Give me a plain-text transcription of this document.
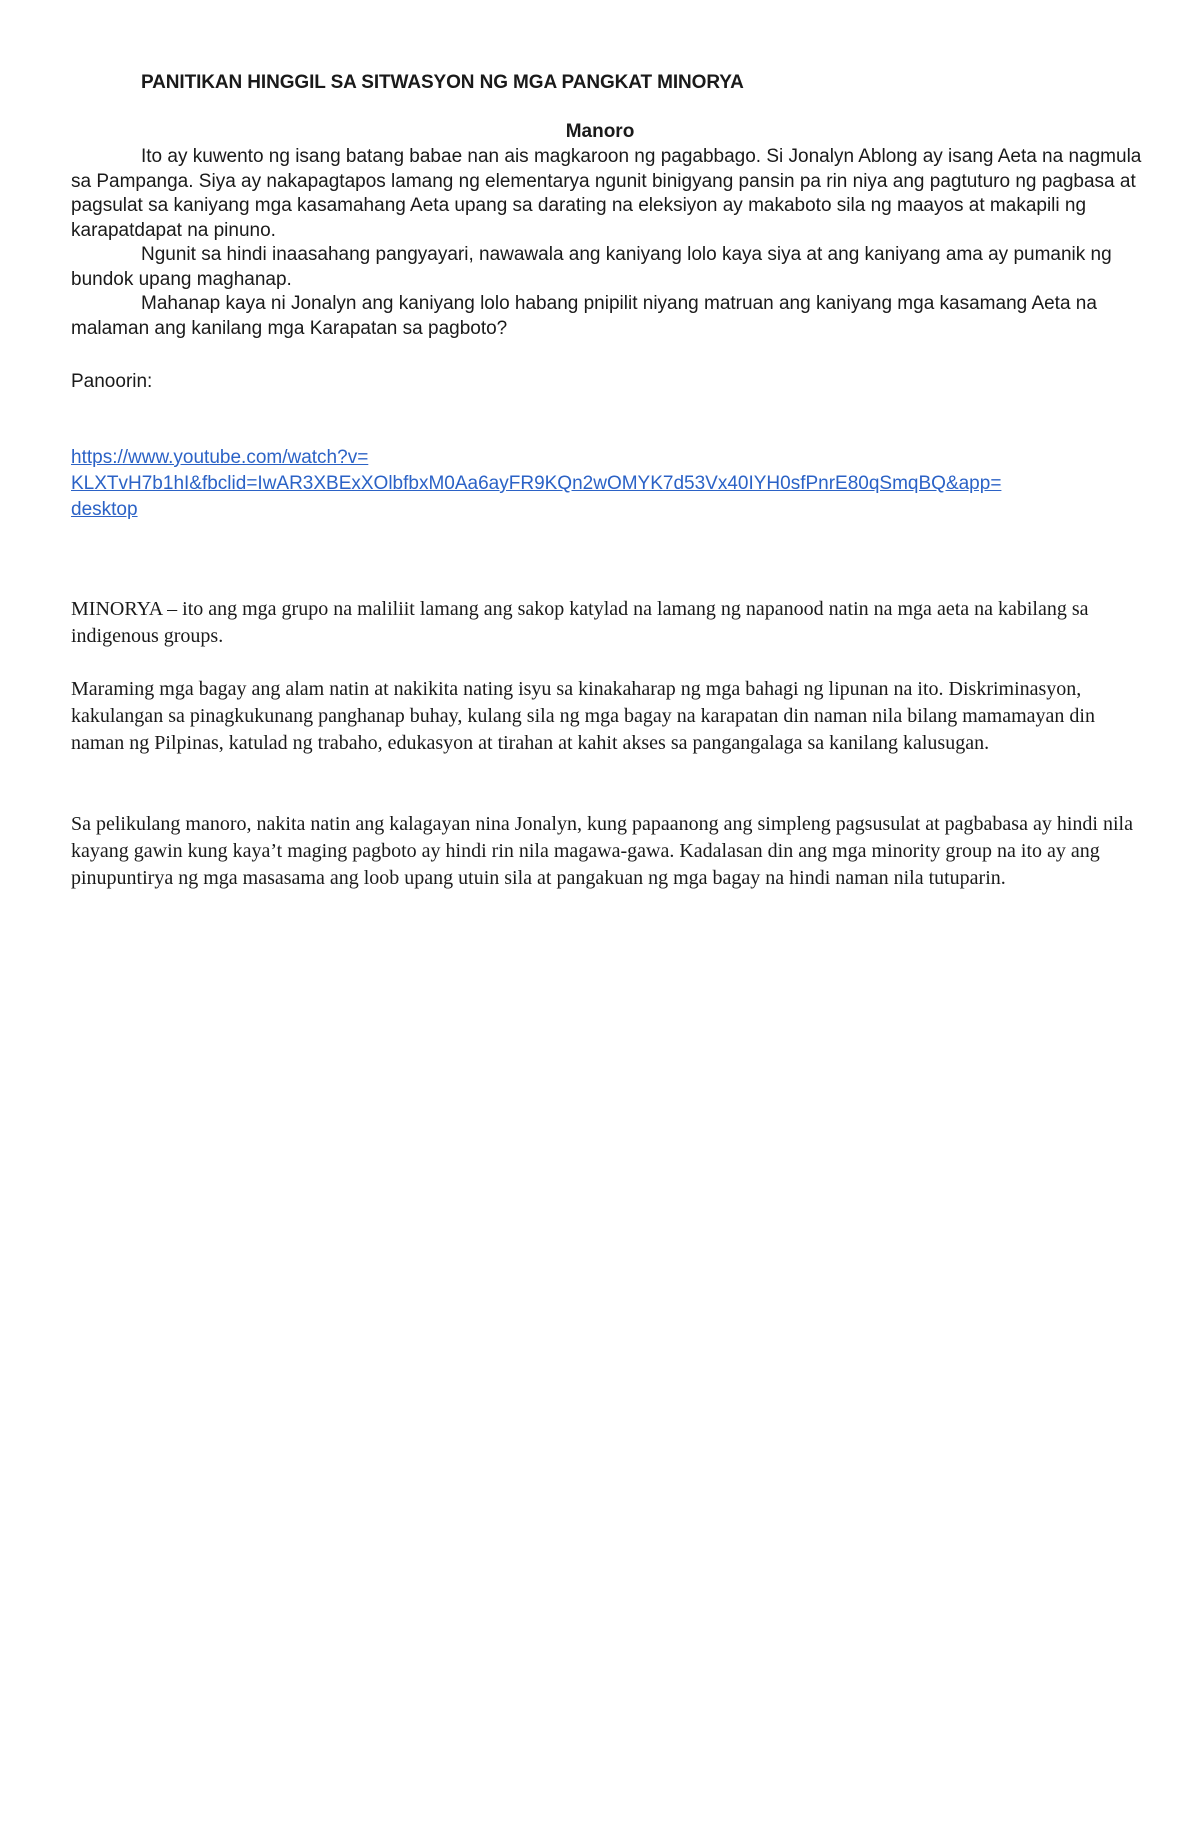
PANITIKAN HINGGIL SA SITWASYON NG MGA PANGKAT MINORYA
Manoro

Ito ay kuwento ng isang batang babae nan ais magkaroon ng pagabbago. Si Jonalyn Ablong ay isang Aeta na nagmula sa Pampanga. Siya ay nakapagtapos lamang ng elementarya ngunit binigyang pansin pa rin niya ang pagtuturo ng pagbasa at pagsulat sa kaniyang mga kasamahang Aeta upang sa darating na eleksiyon ay makaboto sila ng maayos at makapili ng karapatdapat na pinuno.

Ngunit sa hindi inaasahang pangyayari, nawawala ang kaniyang lolo kaya siya at ang kaniyang ama ay pumanik ng bundok upang maghanap.

Mahanap kaya ni Jonalyn ang kaniyang lolo habang pnipilit niyang matruan ang kaniyang mga kasamang Aeta na malaman ang kanilang mga Karapatan sa pagboto?

Panoorin:
https://www.youtube.com/watch?v=
KLXTvH7b1hI&fbclid=IwAR3XBExXOlbfbxM0Aa6ayFR9KQn2wOMYK7d53Vx40IYH0sfPnrE80qSmqBQ&app=
desktop

MINORYA – ito ang mga grupo na maliliit lamang ang sakop katylad na lamang ng napanood natin na mga aeta na kabilang sa indigenous groups.

Maraming mga bagay ang alam natin at nakikita nating isyu sa kinakaharap ng mga bahagi ng lipunan na ito. Diskriminasyon, kakulangan sa pinagkukunang panghanap buhay, kulang sila ng mga bagay na karapatan din naman nila bilang mamamayan din naman ng Pilpinas, katulad ng trabaho, edukasyon at tirahan at kahit akses sa pangangalaga sa kanilang kalusugan.

Sa pelikulang manoro, nakita natin ang kalagayan nina Jonalyn, kung papaanong ang simpleng pagsusulat at pagbabasa ay hindi nila kayang gawin kung kaya’t maging pagboto ay hindi rin nila magawa-gawa. Kadalasan din ang mga minority group na ito ay ang pinupuntirya ng mga masasama ang loob upang utuin sila at pangakuan ng mga bagay na hindi naman nila tutuparin.
